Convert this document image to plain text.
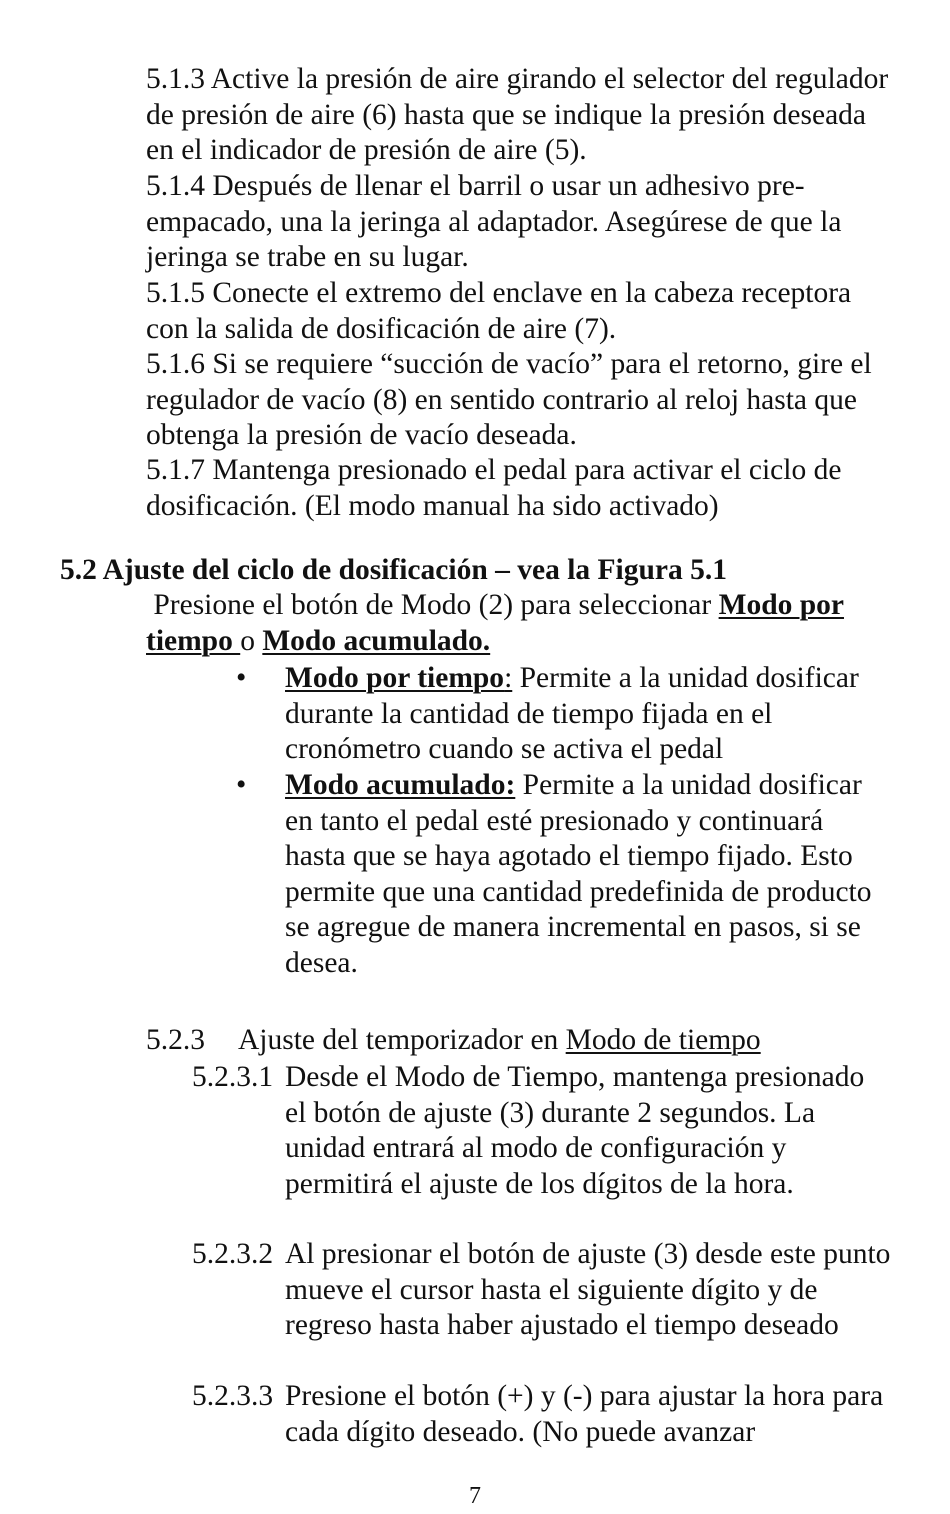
5.1.3 Active la presión de aire girando el selector del regulador de presión de aire (6) hasta que se indique la presión deseada en el indicador de presión de aire (5).

5.1.4 Después de llenar el barril o usar un adhesivo pre-empacado, una la jeringa al adaptador. Asegúrese de que la jeringa se trabe en su lugar.

5.1.5 Conecte el extremo del enclave en la cabeza receptora con la salida de dosificación de aire (7).

5.1.6 Si se requiere “succión de vacío” para el retorno, gire el regulador de vacío (8) en sentido contrario al reloj hasta que obtenga la presión de vacío deseada.

5.1.7 Mantenga presionado el pedal para activar el ciclo de dosificación. (El modo manual ha sido activado)

5.2 Ajuste del ciclo de dosificación – vea la Figura 5.1

Presione el botón de Modo (2) para seleccionar Modo por tiempo o Modo acumulado.

• Modo por tiempo: Permite a la unidad dosificar durante la cantidad de tiempo fijada en el cronómetro cuando se activa el pedal
• Modo acumulado: Permite a la unidad dosificar en tanto el pedal esté presionado y continuará hasta que se haya agotado el tiempo fijado. Esto permite que una cantidad predefinida de producto se agregue de manera incremental en pasos, si se desea.

5.2.3 Ajuste del temporizador en Modo de tiempo

5.2.3.1 Desde el Modo de Tiempo, mantenga presionado el botón de ajuste (3) durante 2 segundos. La unidad entrará al modo de configuración y permitirá el ajuste de los dígitos de la hora.
5.2.3.2 Al presionar el botón de ajuste (3) desde este punto mueve el cursor hasta el siguiente dígito y de regreso hasta haber ajustado el tiempo deseado
5.2.3.3 Presione el botón (+) y (-) para ajustar la hora para cada dígito deseado. (No puede avanzar
7
